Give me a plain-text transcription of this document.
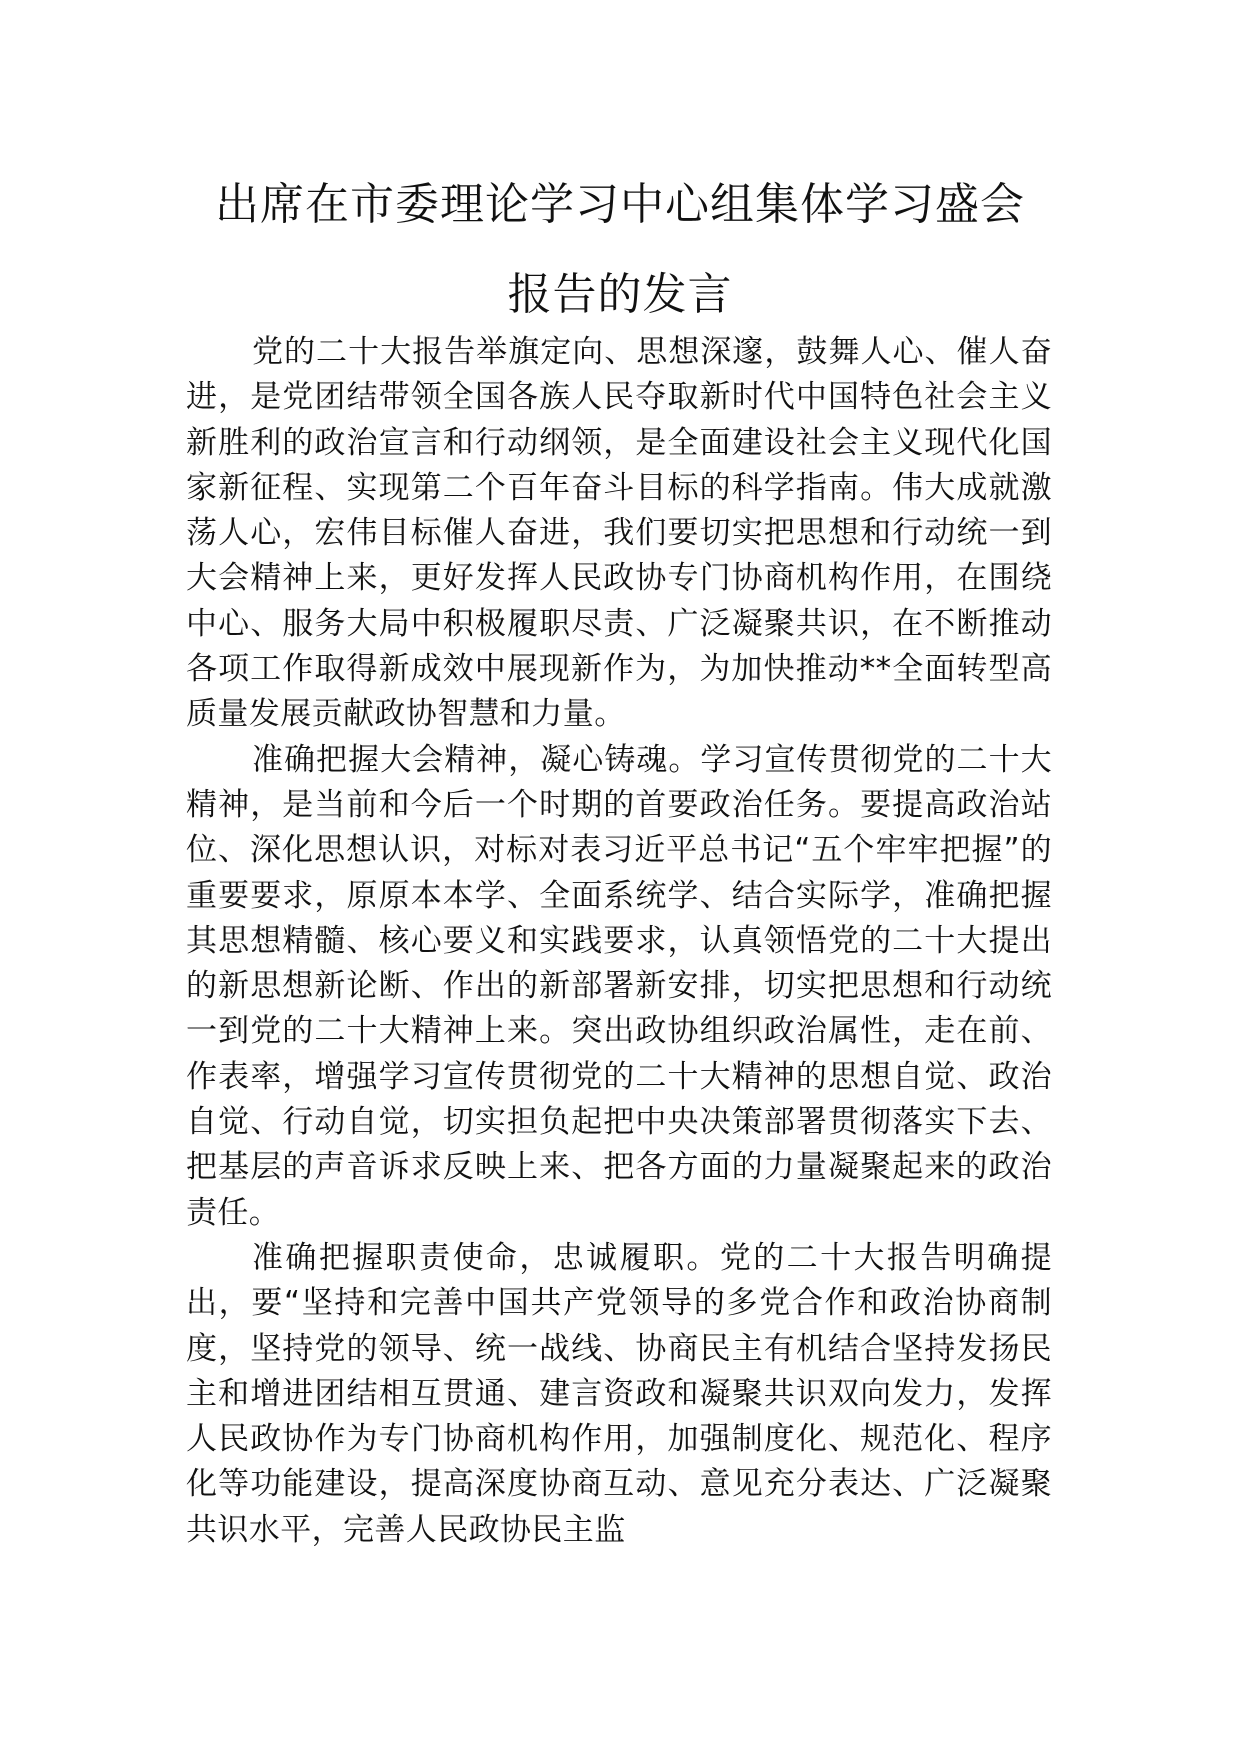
出席在市委理论学习中心组集体学习盛会
报告的发言

党的二十大报告举旗定向、思想深邃，鼓舞人心、催人奋进，是党团结带领全国各族人民夺取新时代中国特色社会主义新胜利的政治宣言和行动纲领，是全面建设社会主义现代化国家新征程、实现第二个百年奋斗目标的科学指南。伟大成就激荡人心，宏伟目标催人奋进，我们要切实把思想和行动统一到大会精神上来，更好发挥人民政协专门协商机构作用，在围绕中心、服务大局中积极履职尽责、广泛凝聚共识，在不断推动各项工作取得新成效中展现新作为，为加快推动**全面转型高质量发展贡献政协智慧和力量。

准确把握大会精神，凝心铸魂。学习宣传贯彻党的二十大精神，是当前和今后一个时期的首要政治任务。要提高政治站位、深化思想认识，对标对表习近平总书记“五个牢牢把握”的重要要求，原原本本学、全面系统学、结合实际学，准确把握其思想精髓、核心要义和实践要求，认真领悟党的二十大提出的新思想新论断、作出的新部署新安排，切实把思想和行动统一到党的二十大精神上来。突出政协组织政治属性，走在前、作表率，增强学习宣传贯彻党的二十大精神的思想自觉、政治自觉、行动自觉，切实担负起把中央决策部署贯彻落实下去、把基层的声音诉求反映上来、把各方面的力量凝聚起来的政治责任。

准确把握职责使命，忠诚履职。党的二十大报告明确提出，要“坚持和完善中国共产党领导的多党合作和政治协商制度，坚持党的领导、统一战线、协商民主有机结合坚持发扬民主和增进团结相互贯通、建言资政和凝聚共识双向发力，发挥人民政协作为专门协商机构作用，加强制度化、规范化、程序化等功能建设，提高深度协商互动、意见充分表达、广泛凝聚共识水平，完善人民政协民主监
